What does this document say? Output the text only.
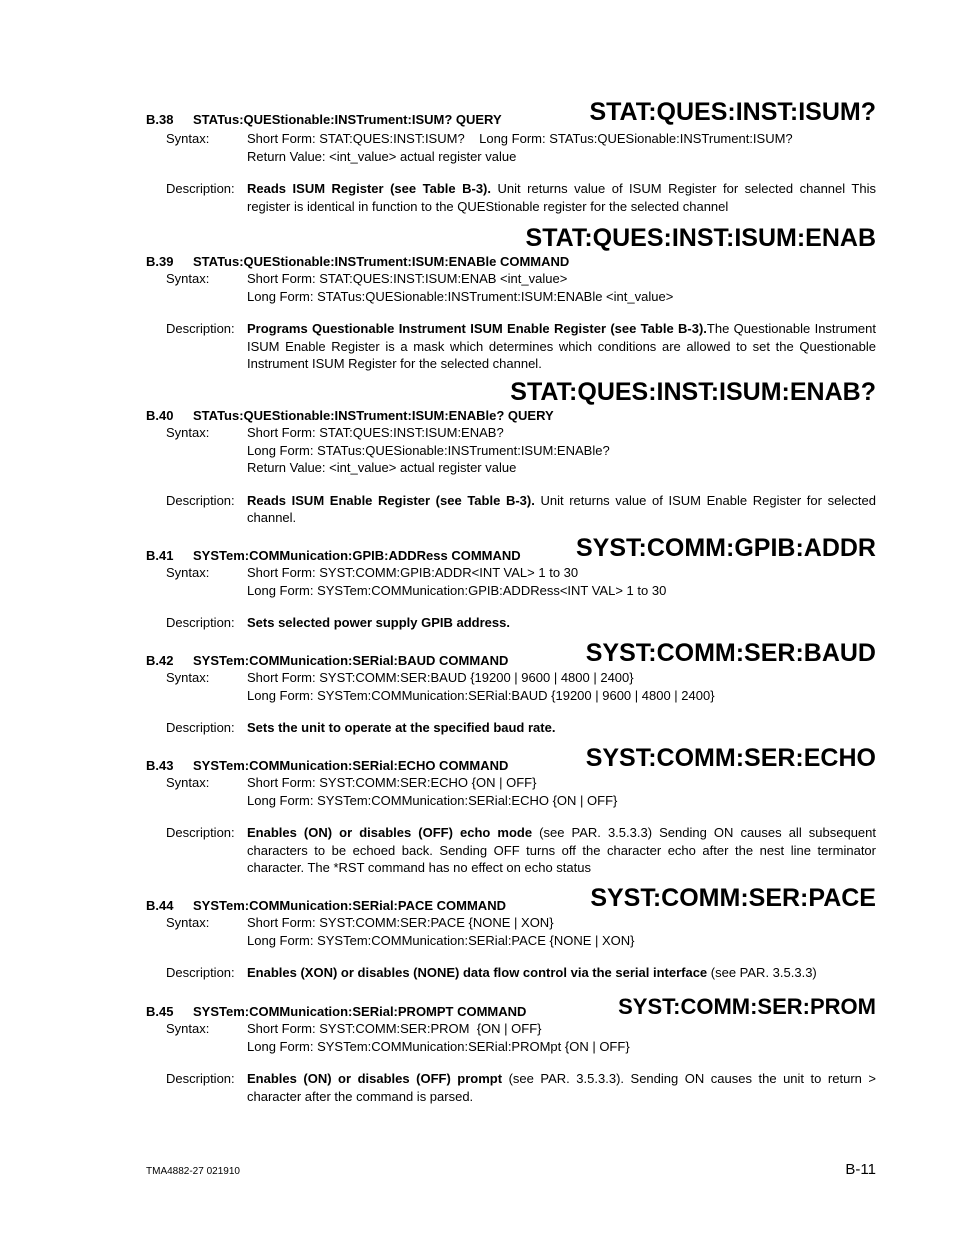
STAT:QUES:INST:ISUM?
B.38 STATus:QUEStionable:INSTrument:ISUM? QUERY
Syntax:	Short Form: STAT:QUES:INST:ISUM?    Long Form: STATus:QUESionable:INSTrument:ISUM?
Return Value: <int_value> actual register value
Description: Reads ISUM Register (see Table B-3). Unit returns value of ISUM Register for selected channel This register is identical in function to the QUEStionable register for the selected channel
STAT:QUES:INST:ISUM:ENAB
B.39 STATus:QUEStionable:INSTrument:ISUM:ENABle COMMAND
Syntax:	Short Form: STAT:QUES:INST:ISUM:ENAB <int_value>
Long Form: STATus:QUESionable:INSTrument:ISUM:ENABle <int_value>
Description: Programs Questionable Instrument ISUM Enable Register (see Table B-3).The Questionable Instrument ISUM Enable Register is a mask which determines which conditions are allowed to set the Questionable Instrument ISUM Register for the selected channel.
STAT:QUES:INST:ISUM:ENAB?
B.40 STATus:QUEStionable:INSTrument:ISUM:ENABle? QUERY
Syntax:	Short Form: STAT:QUES:INST:ISUM:ENAB?
Long Form: STATus:QUESionable:INSTrument:ISUM:ENABle?
Return Value: <int_value> actual register value
Description: Reads ISUM Enable Register (see Table B-3). Unit returns value of ISUM Enable Register for selected channel.
SYST:COMM:GPIB:ADDR
B.41 SYSTem:COMMunication:GPIB:ADDRess COMMAND
Syntax:	Short Form: SYST:COMM:GPIB:ADDR<INT VAL> 1 to 30
Long Form: SYSTem:COMMunication:GPIB:ADDRess<INT VAL> 1 to 30
Description: Sets selected power supply GPIB address.
SYST:COMM:SER:BAUD
B.42 SYSTem:COMMunication:SERial:BAUD COMMAND
Syntax:	Short Form: SYST:COMM:SER:BAUD {19200 | 9600 | 4800 | 2400}
Long Form: SYSTem:COMMunication:SERial:BAUD {19200 | 9600 | 4800 | 2400}
Description: Sets the unit to operate at the specified baud rate.
SYST:COMM:SER:ECHO
B.43 SYSTem:COMMunication:SERial:ECHO COMMAND
Syntax:	Short Form: SYST:COMM:SER:ECHO {ON | OFF}
Long Form: SYSTem:COMMunication:SERial:ECHO {ON | OFF}
Description: Enables (ON) or disables (OFF) echo mode (see PAR. 3.5.3.3) Sending ON causes all subsequent characters to be echoed back. Sending OFF turns off the character echo after the nest line terminator character. The *RST command has no effect on echo status
SYST:COMM:SER:PACE
B.44 SYSTem:COMMunication:SERial:PACE COMMAND
Syntax:	Short Form: SYST:COMM:SER:PACE {NONE | XON}
Long Form: SYSTem:COMMunication:SERial:PACE {NONE | XON}
Description: Enables (XON) or disables (NONE) data flow control via the serial interface (see PAR. 3.5.3.3)
SYST:COMM:SER:PROM
B.45 SYSTem:COMMunication:SERial:PROMPT COMMAND
Syntax:	Short Form: SYST:COMM:SER:PROM  {ON | OFF}
Long Form: SYSTem:COMMunication:SERial:PROMpt {ON | OFF}
Description: Enables (ON) or disables (OFF) prompt (see PAR. 3.5.3.3). Sending ON causes the unit to return > character after the command is parsed.
TMA4882-27 021910	B-11
